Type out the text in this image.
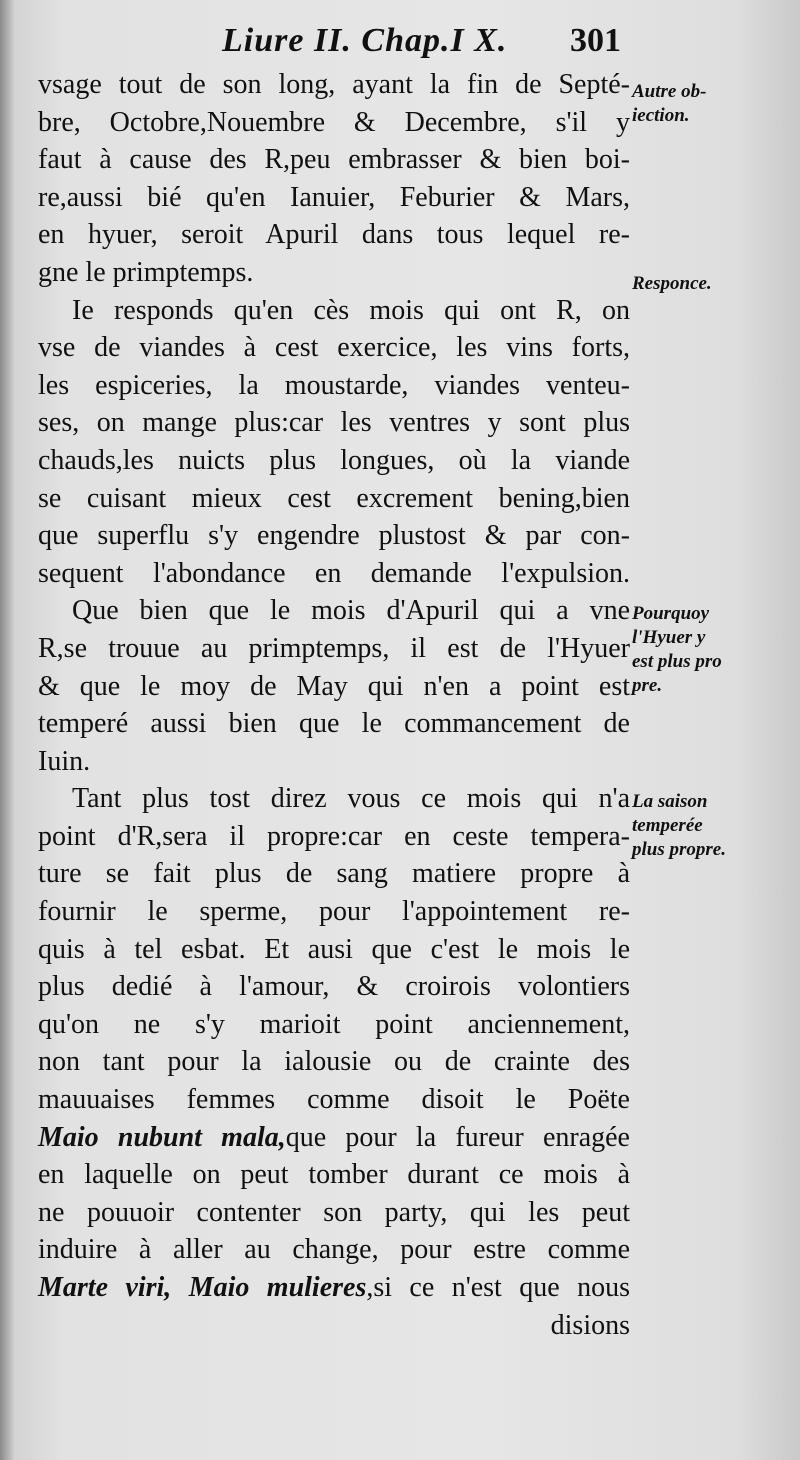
Liure II. Chap.I X. 301
vsage tout de son long, ayant la fin de Septé-
bre, Octobre,Nouembre & Decembre, s'il y
faut à cause des R,peu embrasser & bien boi-
re,aussi bié qu'en Ianuier, Feburier & Mars,
en hyuer, seroit Apuril dans tous lequel re-
gne le primptemps.
Ie responds qu'en cès mois qui ont R, on
vse de viandes à cest exercice, les vins forts,
les espiceries, la moustarde, viandes venteu-
ses, on mange plus:car les ventres y sont plus
chauds,les nuicts plus longues, où la viande
se cuisant mieux cest excrement bening,bien
que superflu s'y engendre plustost & par con-
sequent l'abondance en demande l'expulsion.
Que bien que le mois d'Apuril qui a vne
R,se trouue au primptemps, il est de l'Hyuer
& que le moy de May qui n'en a point est
temperé aussi bien que le commancement de
Iuin.
Tant plus tost direz vous ce mois qui n'a
point d'R,sera il propre:car en ceste tempera-
ture se fait plus de sang matiere propre à
fournir le sperme, pour l'appointement re-
quis à tel esbat. Et ausi que c'est le mois le
plus dedié à l'amour, & croirois volontiers
qu'on ne s'y marioit point anciennement,
non tant pour la ialousie ou de crainte des
mauuaises femmes comme disoit le Poëte
Maio nubunt mala,que pour la fureur enragée
en laquelle on peut tomber durant ce mois à
ne pouuoir contenter son party, qui les peut
induire à aller au change, pour estre comme
Marte viri, Maio mulieres,si ce n'est que nous
disions
Autre ob-
iection.
Responce.
Pourquoy
l'Hyuer y
est plus pro
pre.
La saison
temperée
plus propre.
